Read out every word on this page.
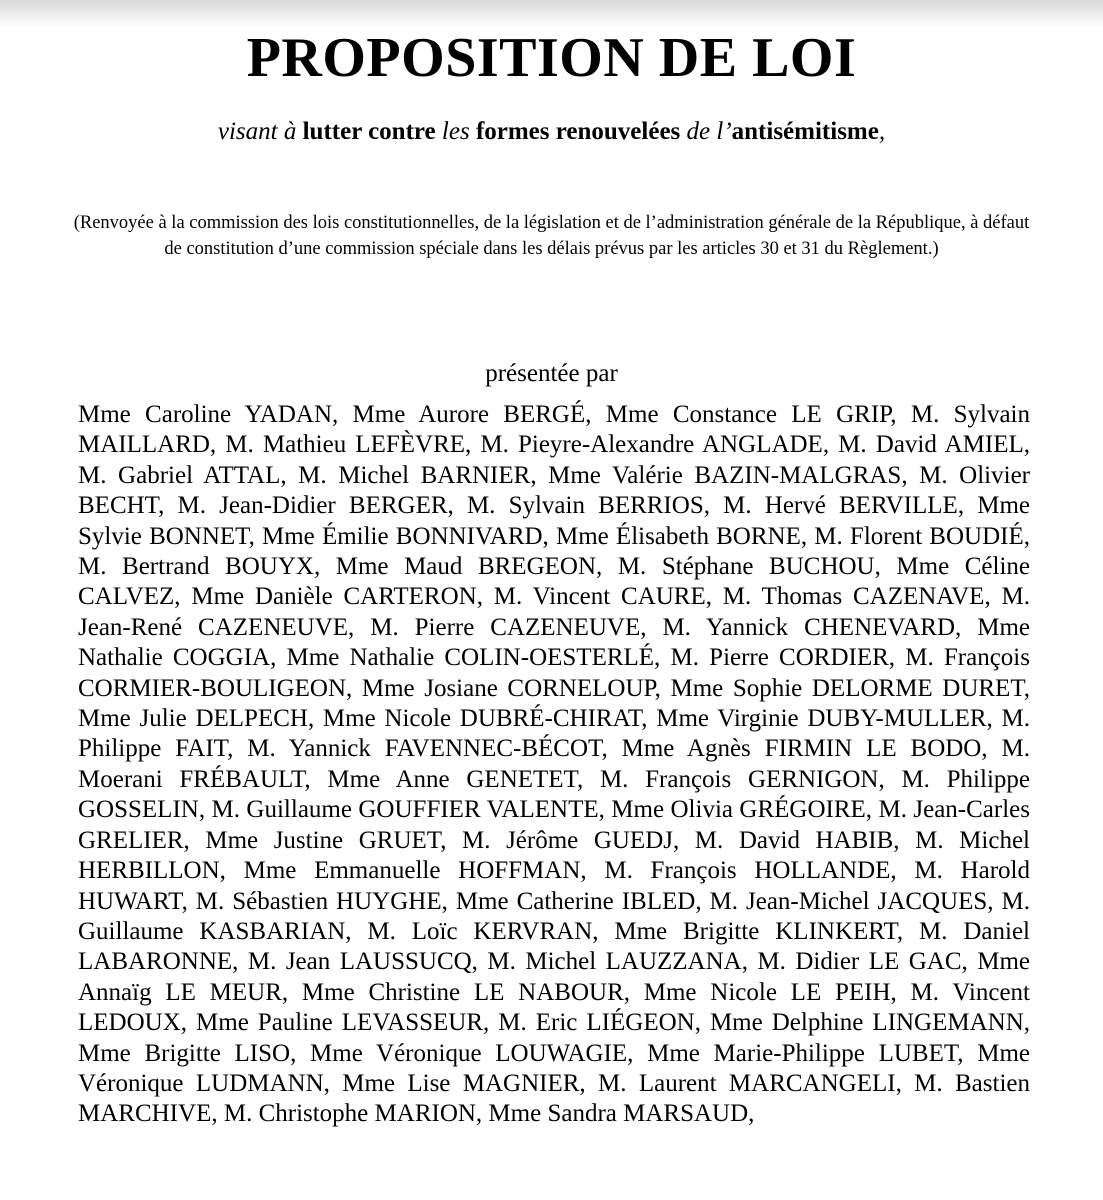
PROPOSITION DE LOI

visant à lutter contre les formes renouvelées de l’antisémitisme,

(Renvoyée à la commission des lois constitutionnelles, de la législation et de l’administration générale de la République, à défaut de constitution d’une commission spéciale dans les délais prévus par les articles 30 et 31 du Règlement.)

présentée par

Mme Caroline YADAN, Mme Aurore BERGÉ, Mme Constance LE GRIP, M. Sylvain MAILLARD, M. Mathieu LEFÈVRE, M. Pieyre-Alexandre ANGLADE, M. David AMIEL, M. Gabriel ATTAL, M. Michel BARNIER, Mme Valérie BAZIN-MALGRAS, M. Olivier BECHT, M. Jean-Didier BERGER, M. Sylvain BERRIOS, M. Hervé BERVILLE, Mme Sylvie BONNET, Mme Émilie BONNIVARD, Mme Élisabeth BORNE, M. Florent BOUDIÉ, M. Bertrand BOUYX, Mme Maud BREGEON, M. Stéphane BUCHOU, Mme Céline CALVEZ, Mme Danièle CARTERON, M. Vincent CAURE, M. Thomas CAZENAVE, M. Jean-René CAZENEUVE, M. Pierre CAZENEUVE, M. Yannick CHENEVARD, Mme Nathalie COGGIA, Mme Nathalie COLIN-OESTERLÉ, M. Pierre CORDIER, M. François CORMIER-BOULIGEON, Mme Josiane CORNELOUP, Mme Sophie DELORME DURET, Mme Julie DELPECH, Mme Nicole DUBRÉ-CHIRAT, Mme Virginie DUBY-MULLER, M. Philippe FAIT, M. Yannick FAVENNEC-BÉCOT, Mme Agnès FIRMIN LE BODO, M. Moerani FRÉBAULT, Mme Anne GENETET, M. François GERNIGON, M. Philippe GOSSELIN, M. Guillaume GOUFFIER VALENTE, Mme Olivia GRÉGOIRE, M. Jean-Carles GRELIER, Mme Justine GRUET, M. Jérôme GUEDJ, M. David HABIB, M. Michel HERBILLON, Mme Emmanuelle HOFFMAN, M. François HOLLANDE, M. Harold HUWART, M. Sébastien HUYGHE, Mme Catherine IBLED, M. Jean-Michel JACQUES, M. Guillaume KASBARIAN, M. Loïc KERVRAN, Mme Brigitte KLINKERT, M. Daniel LABARONNE, M. Jean LAUSSUCQ, M. Michel LAUZZANA, M. Didier LE GAC, Mme Annaïg LE MEUR, Mme Christine LE NABOUR, Mme Nicole LE PEIH, M. Vincent LEDOUX, Mme Pauline LEVASSEUR, M. Eric LIÉGEON, Mme Delphine LINGEMANN, Mme Brigitte LISO, Mme Véronique LOUWAGIE, Mme Marie-Philippe LUBET, Mme Véronique LUDMANN, Mme Lise MAGNIER, M. Laurent MARCANGELI, M. Bastien MARCHIVE, M. Christophe MARION, Mme Sandra MARSAUD,
